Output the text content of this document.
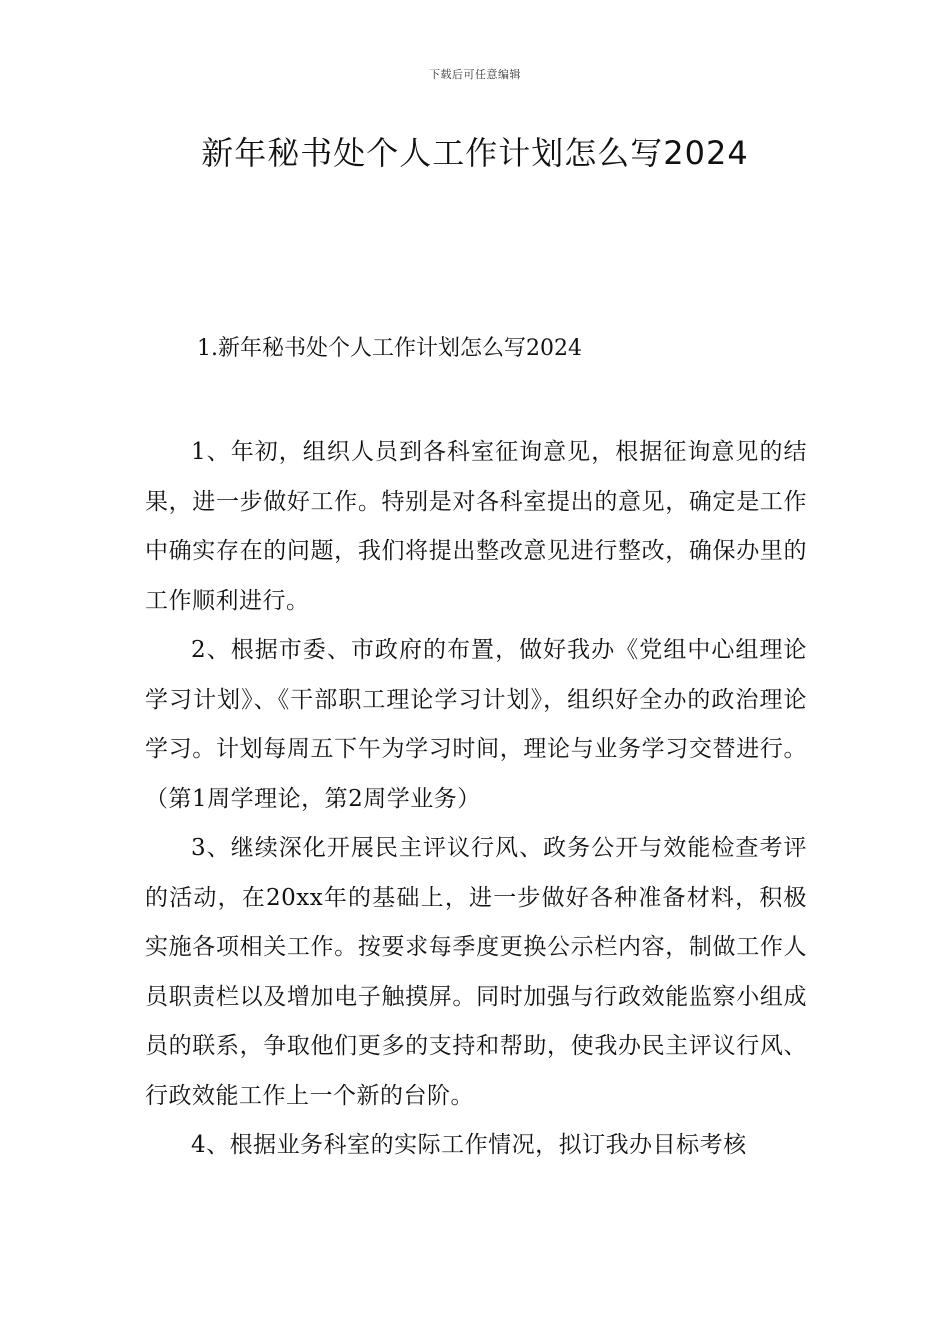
下载后可任意编辑
新年秘书处个人工作计划怎么写2024
1.新年秘书处个人工作计划怎么写2024

1、年初，组织人员到各科室征询意见，根据征询意见的结果，进一步做好工作。特别是对各科室提出的意见，确定是工作中确实存在的问题，我们将提出整改意见进行整改，确保办里的工作顺利进行。

2、根据市委、市政府的布置，做好我办《党组中心组理论学习计划》、《干部职工理论学习计划》，组织好全办的政治理论学习。计划每周五下午为学习时间，理论与业务学习交替进行。（第1周学理论，第2周学业务）

3、继续深化开展民主评议行风、政务公开与效能检查考评的活动，在20xx年的基础上，进一步做好各种准备材料，积极实施各项相关工作。按要求每季度更换公示栏内容，制做工作人员职责栏以及增加电子触摸屏。同时加强与行政效能监察小组成员的联系，争取他们更多的支持和帮助，使我办民主评议行风、行政效能工作上一个新的台阶。

4、根据业务科室的实际工作情况，拟订我办目标考核
